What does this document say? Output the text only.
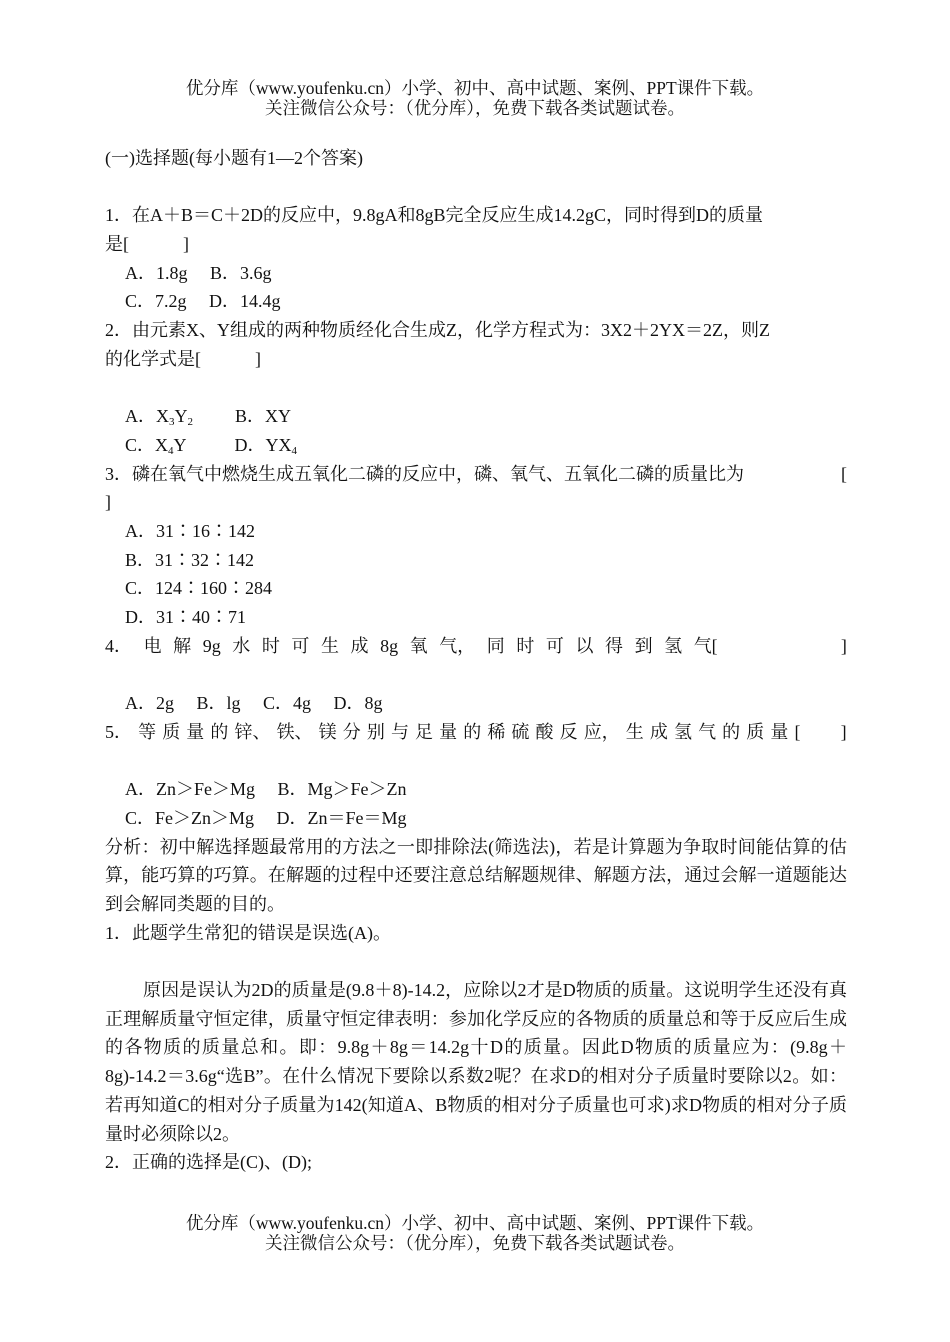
优分库（www.youfenku.cn）小学、初中、高中试题、案例、PPT课件下载。
关注微信公众号：（优分库），免费下载各类试题试卷。
(一)选择题(每小题有1—2个答案)
1．在A＋B＝C＋2D的反应中，9.8gA和8gB完全反应生成14.2gC，同时得到D的质量
是[　　　]
A．1.8g　 B．3.6g
C．7.2g　 D．14.4g
2．由元素X、Y组成的两种物质经化合生成Z，化学方程式为：3X2＋2YX＝2Z，则Z
的化学式是[　　　]
A．$X_3Y_2$ B．XY
C．$X_4Y$	D．$YX_4$
3．磷在氧气中燃烧生成五氧化二磷的反应中，磷、氧气、五氧化二磷的质量比为	[
]
A．31∶16∶142
B．31∶32∶142
C．124∶160∶284
D．31∶40∶71
4． 电 解 9g 水 时 可 生 成 8g 氧 气， 同 时 可 以 得 到 氢 气[	]
A．2g　 B．lg　 C．4g　 D．8g
5． 等 质 量 的 锌、 铁、 镁 分 别 与 足 量 的 稀 硫 酸 反 应， 生 成 氢 气 的 质 量 [ ]
A．Zn＞Fe＞Mg　 B．Mg＞Fe＞Zn
C．Fe＞Zn＞Mg　 D．Zn＝Fe＝Mg

分析：初中解选择题最常用的方法之一即排除法(筛选法)，若是计算题为争取时间能估算的估算，能巧算的巧算。在解题的过程中还要注意总结解题规律、解题方法，通过会解一道题能达到会解同类题的目的。

1．此题学生常犯的错误是误选(A)。

原因是误认为2D的质量是(9.8＋8)-14.2，应除以2才是D物质的质量。这说明学生还没有真正理解质量守恒定律，质量守恒定律表明：参加化学反应的各物质的质量总和等于反应后生成的各物质的质量总和。即：9.8g＋8g＝14.2g十D的质量。因此D物质的质量应为：(9.8g＋8g)-14.2＝3.6g“选B”。在什么情况下要除以系数2呢？在求D的相对分子质量时要除以2。如：若再知道C的相对分子质量为142(知道A、B物质的相对分子质量也可求)求D物质的相对分子质量时必须除以2。

2．正确的选择是(C)、(D);
优分库（www.youfenku.cn）小学、初中、高中试题、案例、PPT课件下载。
关注微信公众号：（优分库），免费下载各类试题试卷。
